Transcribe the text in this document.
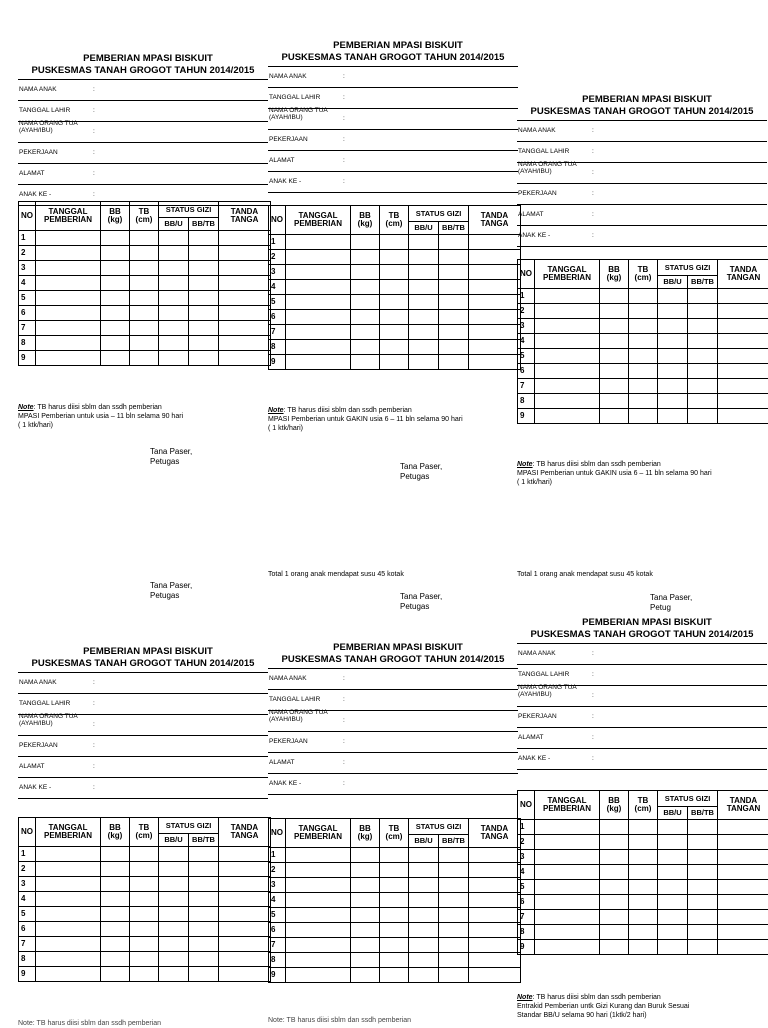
PEMBERIAN MPASI BISKUIT
PUSKESMAS TANAH GROGOT TAHUN 2014/2015
NAMA ANAK	:
TANGGAL LAHIR	:
NAMA ORANG TUA (AYAH/IBU)	:
PEKERJAAN	:
ALAMAT	:
ANAK KE -	:
NO	TANGGAL PEMBERIAN	BB (kg)	TB (cm)	STATUS GIZI		TANDA TANGA
				BB/U	BB/TB	
1						
2						
3						
4						
5						
6						
7						
8						
9						
PEMBERIAN MPASI BISKUIT
PUSKESMAS TANAH GROGOT TAHUN 2014/2015
NAMA ANAK	:
TANGGAL LAHIR	:
NAMA ORANG TUA (AYAH/IBU)	:
PEKERJAAN	:
ALAMAT	:
ANAK KE -	:
NO	TANGGAL PEMBERIAN	BB (kg)	TB (cm)	STATUS GIZI		TANDA TANGA
				BB/U	BB/TB	
1						
2						
3						
4						
5						
6						
7						
8						
9						
PEMBERIAN MPASI BISKUIT
PUSKESMAS TANAH GROGOT TAHUN 2014/2015
NAMA ANAK	:
TANGGAL LAHIR	:
NAMA ORANG TUA (AYAH/IBU)	:
PEKERJAAN	:
ALAMAT	:
ANAK KE -	:
NO	TANGGAL PEMBERIAN	BB (kg)	TB (cm)	STATUS GIZI		TANDA TANGAN
				BB/U	BB/TB	
1						
2						
3						
4						
5						
6						
7						
8						
9						
PEMBERIAN MPASI BISKUIT
PUSKESMAS TANAH GROGOT TAHUN 2014/2015
NAMA ANAK	:
TANGGAL LAHIR	:
NAMA ORANG TUA (AYAH/IBU)	:
PEKERJAAN	:
ALAMAT	:
ANAK KE -	:
NO	TANGGAL PEMBERIAN	BB (kg)	TB (cm)	STATUS GIZI		TANDA TANGA
				BB/U	BB/TB	
1						
2						
3						
4						
5						
6						
7						
8						
9						
PEMBERIAN MPASI BISKUIT
PUSKESMAS TANAH GROGOT TAHUN 2014/2015
NAMA ANAK	:
TANGGAL LAHIR	:
NAMA ORANG TUA (AYAH/IBU)	:
PEKERJAAN	:
ALAMAT	:
ANAK KE -	:
NO	TANGGAL PEMBERIAN	BB (kg)	TB (cm)	STATUS GIZI		TANDA TANGA
				BB/U	BB/TB	
1						
2						
3						
4						
5						
6						
7						
8						
9						
PEMBERIAN MPASI BISKUIT
PUSKESMAS TANAH GROGOT TAHUN 2014/2015
NAMA ANAK	:
TANGGAL LAHIR	:
NAMA ORANG TUA (AYAH/IBU)	:
PEKERJAAN	:
ALAMAT	:
ANAK KE -	:
NO	TANGGAL PEMBERIAN	BB (kg)	TB (cm)	STATUS GIZI		TANDA TANGAN
				BB/U	BB/TB	
1						
2						
3						
4						
5						
6						
7						
8						
9						
Note: TB harus diisi sblm dan ssdh pemberian
MPASI Pemberian untuk usia – 11 bln selama 90 hari
( 1 ktk/hari)
Note: TB harus diisi sblm dan ssdh pemberian
MPASI Pemberian untuk GAKIN usia 6 – 11 bln selama 90 hari
( 1 ktk/hari)
Note: TB harus diisi sblm dan ssdh pemberian
MPASI Pemberian untuk GAKIN usia 6 – 11 bln selama 90 hari
( 1 ktk/hari)
Note: TB harus diisi sblm dan ssdh pemberian
Entrakid Pemberian untk Gizi Kurang dan Buruk Sesuai
Standar BB/U selama 90 hari (1ktk/2 hari)
Note: TB harus diisi sblm dan ssdh pemberian	Note: TB harus diisi sblm dan ssdh pemberian
Tana Paser,
Petugas
Tana Paser,
Petugas
Tana Paser,
Petugas
Tana Paser,
Petugas
Tana Paser,
Petug
Total 1 orang anak mendapat susu 45 kotak	Total 1 orang anak mendapat susu 45 kotak
